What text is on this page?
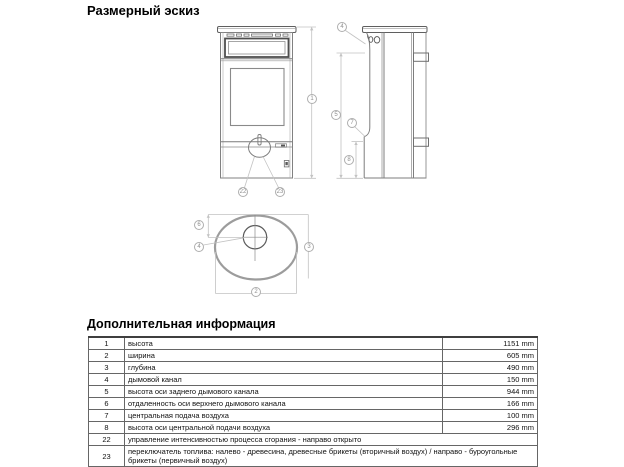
Размерный эскиз
1
22	23
4
5
7
8
6
4	3
2
Дополнительная информация
1	высота	1151 mm
2	ширина	605 mm
3	глубина	490 mm
4	дымовой канал	150 mm
5	высота оси заднего дымового канала	944 mm
6	отдаленность оси верхнего дымового канала	166 mm
7	центральная подача воздуха	100 mm
8	высота оси центральной подачи воздуха	296 mm
22	управление интенсивностью процесса сгорания - направо открыто	
23	переключатель топлива: налево - древесина, древесные брикеты (вторичный воздух) / направо - буроугольные брикеты (первичный воздух)	
